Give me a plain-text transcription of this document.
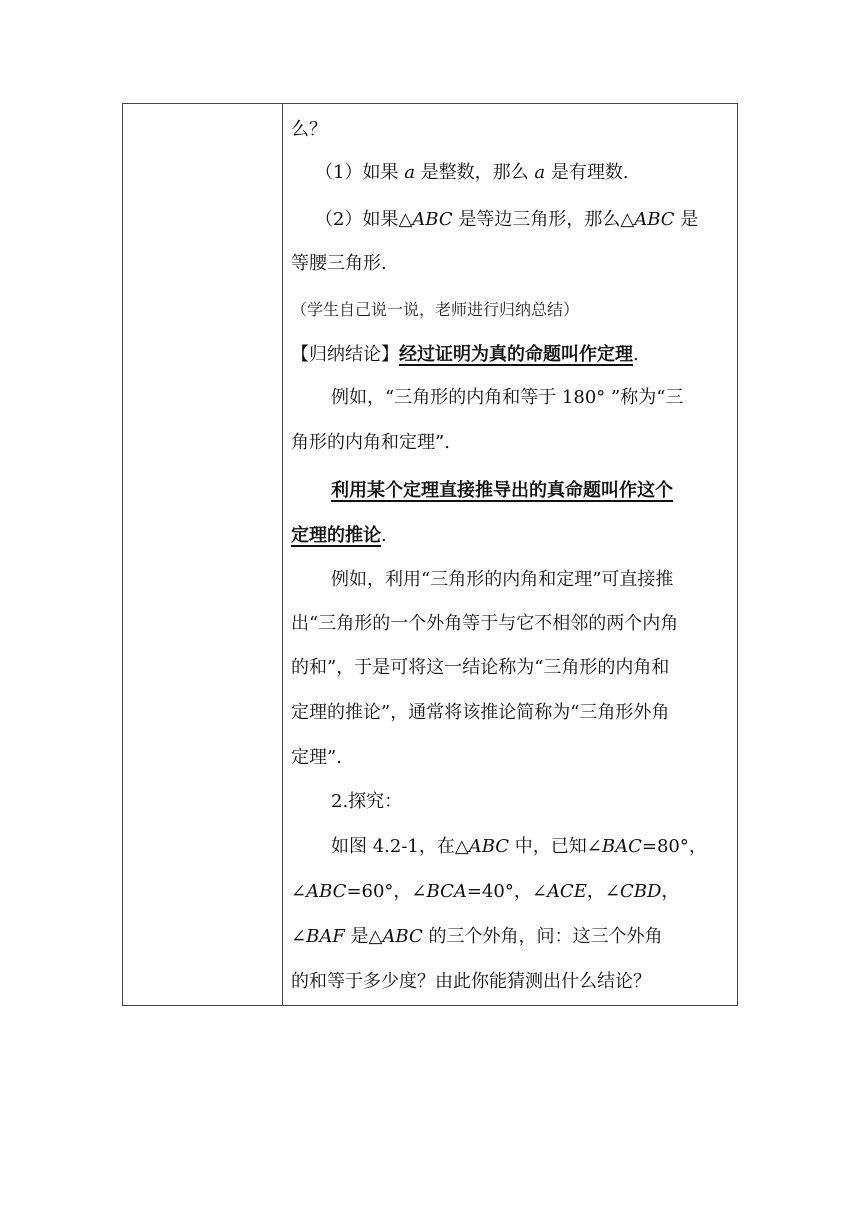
么？
（1）如果 a 是整数，那么 a 是有理数.
（2）如果△ABC 是等边三角形，那么△ABC 是
等腰三角形.
（学生自己说一说，老师进行归纳总结）
【归纳结论】经过证明为真的命题叫作定理.
例如，“三角形的内角和等于 180° ”称为“三
角形的内角和定理”.
利用某个定理直接推导出的真命题叫作这个
定理的推论.
例如，利用“三角形的内角和定理”可直接推
出“三角形的一个外角等于与它不相邻的两个内角
的和”，于是可将这一结论称为“三角形的内角和
定理的推论”，通常将该推论简称为“三角形外角
定理”.
2.探究：
如图 4.2-1，在△ABC 中，已知∠BAC=80°，
∠ABC=60°，∠BCA=40°，∠ACE，∠CBD，
∠BAF 是△ABC 的三个外角，问：这三个外角
的和等于多少度？由此你能猜测出什么结论？
